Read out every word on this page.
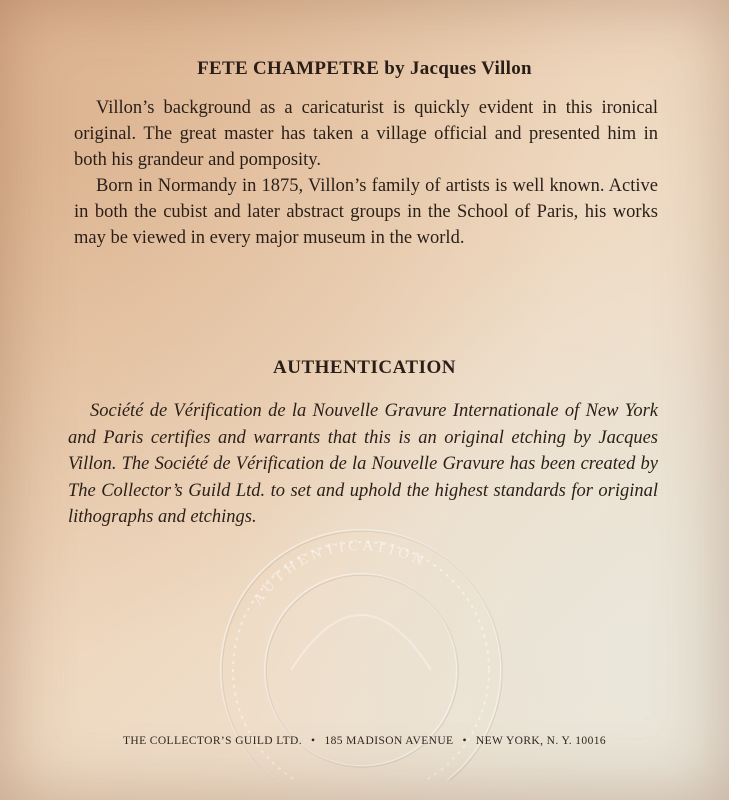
FETE CHAMPETRE by Jacques Villon

Villon’s background as a caricaturist is quickly evident in this ironical original. The great master has taken a village official and presented him in both his grandeur and pomposity.

Born in Normandy in 1875, Villon’s family of artists is well known. Active in both the cubist and later abstract groups in the School of Paris, his works may be viewed in every major museum in the world.

AUTHENTICATION

Société de Vérification de la Nouvelle Gravure Internationale of New York and Paris certifies and warrants that this is an original etching by Jacques Villon. The Société de Vérification de la Nouvelle Gravure has been created by The Collector’s Guild Ltd. to set and uphold the highest standards for original lithographs and etchings.

AUTHENTICATION
THE COLLECTOR’S GUILD LTD. • 185 MADISON AVENUE • NEW YORK, N. Y. 10016
